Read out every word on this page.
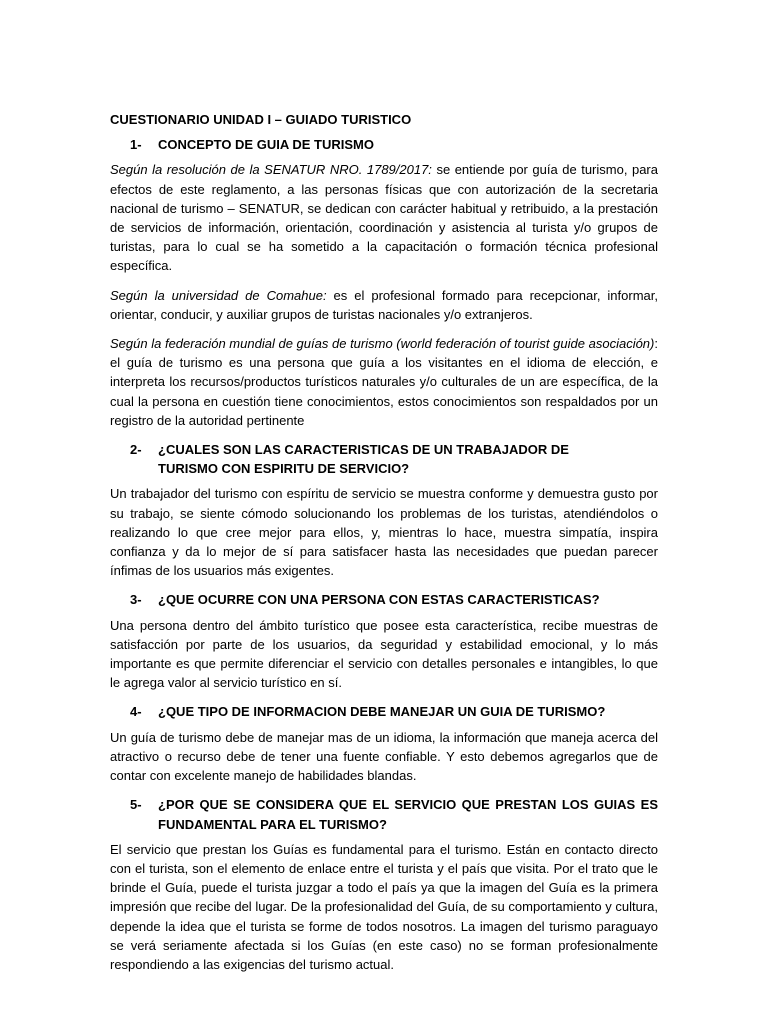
CUESTIONARIO UNIDAD I – GUIADO TURISTICO
1-	CONCEPTO DE GUIA DE TURISMO

Según la resolución de la SENATUR NRO. 1789/2017: se entiende por guía de turismo, para efectos de este reglamento, a las personas físicas que con autorización de la secretaria nacional de turismo – SENATUR, se dedican con carácter habitual y retribuido, a la prestación de servicios de información, orientación, coordinación y asistencia al turista y/o grupos de turistas, para lo cual se ha sometido a la capacitación o formación técnica profesional específica.

Según la universidad de Comahue: es el profesional formado para recepcionar, informar, orientar, conducir, y auxiliar grupos de turistas nacionales y/o extranjeros.

Según la federación mundial de guías de turismo (world federación of tourist guide asociación): el guía de turismo es una persona que guía a los visitantes en el idioma de elección, e interpreta los recursos/productos turísticos naturales y/o culturales de un are específica, de la cual la persona en cuestión tiene conocimientos, estos conocimientos son respaldados por un registro de la autoridad pertinente

2-	¿CUALES SON LAS CARACTERISTICAS DE UN TRABAJADOR DE TURISMO CON ESPIRITU DE SERVICIO?

Un trabajador del turismo con espíritu de servicio se muestra conforme y demuestra gusto por su trabajo, se siente cómodo solucionando los problemas de los turistas, atendiéndolos o realizando lo que cree mejor para ellos, y, mientras lo hace, muestra simpatía, inspira confianza y da lo mejor de sí para satisfacer hasta las necesidades que puedan parecer ínfimas de los usuarios más exigentes.

3-	¿QUE OCURRE CON UNA PERSONA CON ESTAS CARACTERISTICAS?

Una persona dentro del ámbito turístico que posee esta característica, recibe muestras de satisfacción por parte de los usuarios, da seguridad y estabilidad emocional, y lo más importante es que permite diferenciar el servicio con detalles personales e intangibles, lo que le agrega valor al servicio turístico en sí.

4-	¿QUE TIPO DE INFORMACION DEBE MANEJAR UN GUIA DE TURISMO?

Un guía de turismo debe de manejar mas de un idioma, la información que maneja acerca del atractivo o recurso debe de tener una fuente confiable. Y esto debemos agregarlos que de contar con excelente manejo de habilidades blandas.

5-	¿POR QUE SE CONSIDERA QUE EL SERVICIO QUE PRESTAN LOS GUIAS ES FUNDAMENTAL PARA EL TURISMO?

El servicio que prestan los Guías es fundamental para el turismo. Están en contacto directo con el turista, son el elemento de enlace entre el turista y el país que visita. Por el trato que le brinde el Guía, puede el turista juzgar a todo el país ya que la imagen del Guía es la primera impresión que recibe del lugar. De la profesionalidad del Guía, de su comportamiento y cultura, depende la idea que el turista se forme de todos nosotros. La imagen del turismo paraguayo se verá seriamente afectada si los Guías (en este caso) no se forman profesionalmente respondiendo a las exigencias del turismo actual.
